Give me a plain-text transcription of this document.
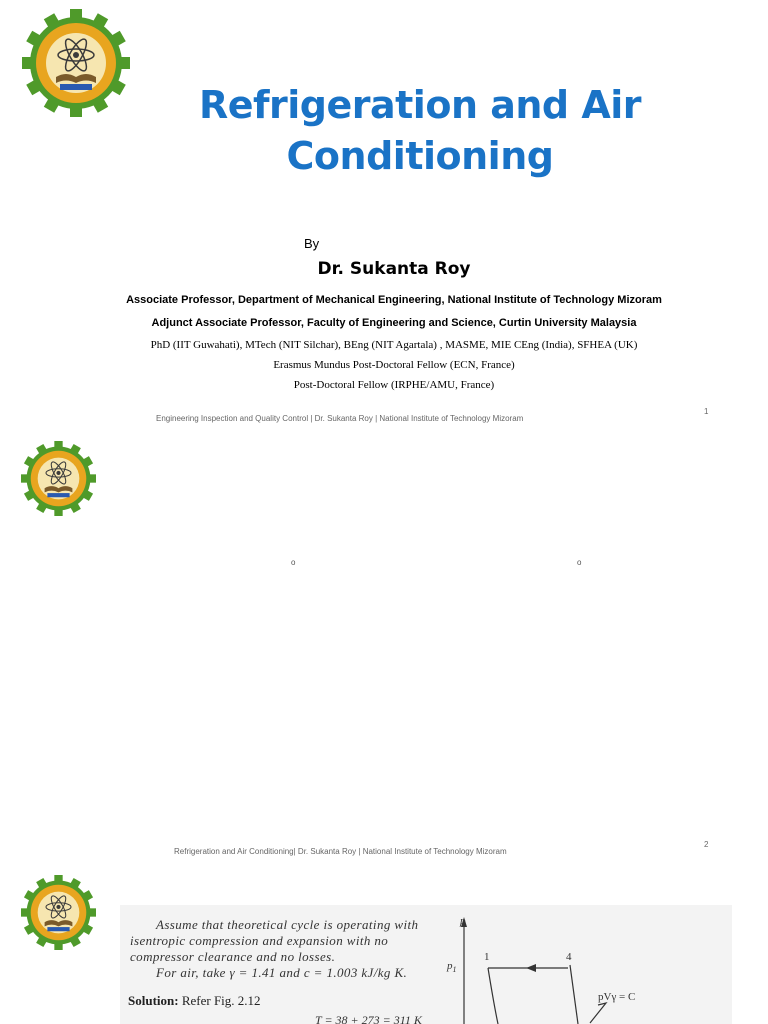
Refrigeration and Air
Conditioning
By
Dr. Sukanta Roy
Associate Professor, Department of Mechanical Engineering, National Institute of Technology Mizoram
Adjunct Associate Professor, Faculty of Engineering and Science, Curtin University Malaysia
PhD (IIT Guwahati), MTech (NIT Silchar), BEng (NIT Agartala) , MASME, MIE CEng (India), SFHEA (UK)
Erasmus Mundus Post-Doctoral Fellow (ECN, France)
Post-Doctoral Fellow (IRPHE/AMU, France)
Engineering Inspection and Quality Control | Dr. Sukanta Roy | National Institute of Technology Mizoram
1
o	o
Refrigeration and Air Conditioning| Dr. Sukanta Roy | National Institute of Technology Mizoram
2
Assume that theoretical cycle is operating with
isentropic compression and expansion with no
compressor clearance and no losses.
For air, take γ = 1.41 and c = 1.003 kJ/kg K.
Solution: Refer Fig. 2.12
T = 38 + 273 = 311 K
p
$p_1$
1	4
pVγ = C
